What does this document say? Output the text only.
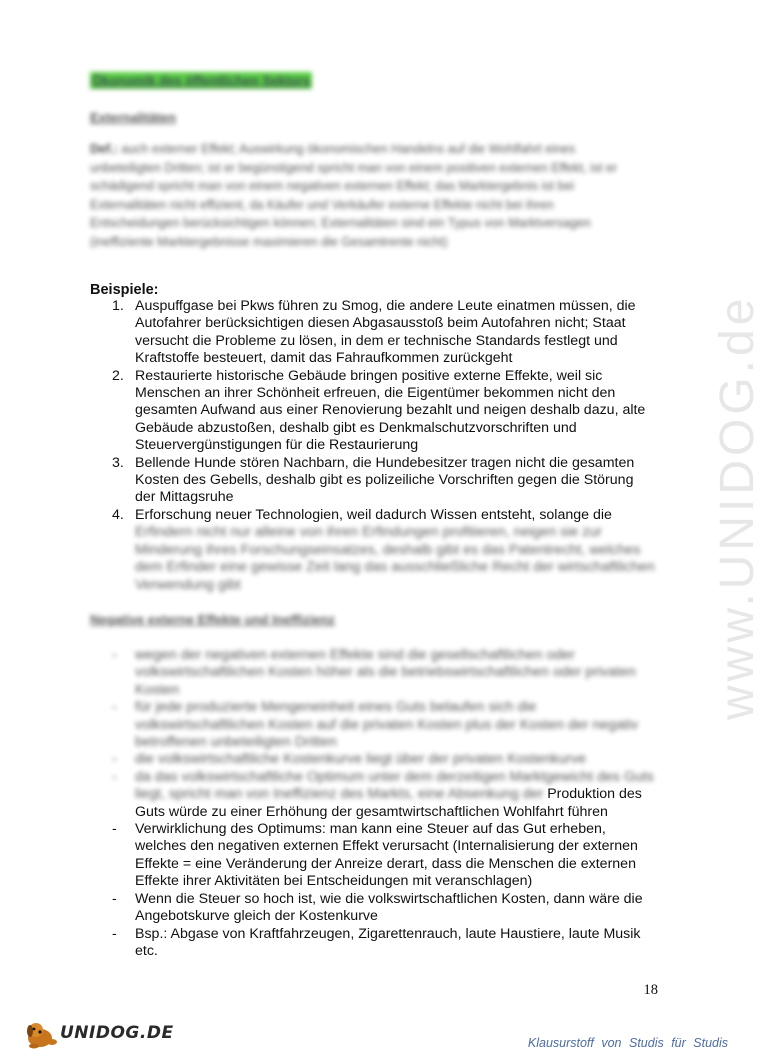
Ökonomik des öffentlichen Sektors
Externalitäten
Def.: auch externer Effekt; Auswirkung ökonomischen Handelns auf die Wohlfahrt eines unbeteiligten Dritten; ist er begünstigend spricht man von einem positiven externen Effekt, ist er schädigend spricht man von einem negativen externen Effekt; das Marktergebnis ist bei Externalitäten nicht effizient, da Käufer und Verkäufer externe Effekte nicht bei ihren Entscheidungen berücksichtigen können; Externalitäten sind ein Typus von Marktversagen (ineffiziente Marktergebnisse maximieren die Gesamtrente nicht)
Beispiele:
1. Auspuffgase bei Pkws führen zu Smog, die andere Leute einatmen müssen, die Autofahrer berücksichtigen diesen Abgasausstoß beim Autofahren nicht; Staat versucht die Probleme zu lösen, in dem er technische Standards festlegt und Kraftstoffe besteuert, damit das Fahraufkommen zurückgeht
2. Restaurierte historische Gebäude bringen positive externe Effekte, weil sic Menschen an ihrer Schönheit erfreuen, die Eigentümer bekommen nicht den gesamten Aufwand aus einer Renovierung bezahlt und neigen deshalb dazu, alte Gebäude abzustoßen, deshalb gibt es Denkmalschutzvorschriften und Steuervergünstigungen für die Restaurierung
3. Bellende Hunde stören Nachbarn, die Hundebesitzer tragen nicht die gesamten Kosten des Gebells, deshalb gibt es polizeiliche Vorschriften gegen die Störung der Mittagsruhe
4. Erforschung neuer Technologien, weil dadurch Wissen entsteht, solange die Erfindern nicht nur alleine von ihren Erfindungen profitieren, neigen sie zur Minderung ihres Forschungseinsatzes, deshalb gibt es das Patentrecht, welches dem Erfinder eine gewisse Zeit lang das ausschließliche Recht der wirtschaftlichen Verwendung gibt
Negative externe Effekte und Ineffizienz
- wegen der negativen externen Effekte sind die gesellschaftlichen oder volkswirtschaftlichen Kosten höher als die betriebswirtschaftlichen oder privaten Kosten
- für jede produzierte Mengeneinheit eines Guts belaufen sich die volkswirtschaftlichen Kosten auf die privaten Kosten plus der Kosten der negativ betroffenen unbeteiligten Dritten
- die volkswirtschaftliche Kostenkurve liegt über der privaten Kostenkurve
- da das volkswirtschaftliche Optimum unter dem derzeitigen Marktgewicht des Guts liegt, spricht man von Ineffizienz des Markts, eine Absenkung der Produktion des Guts würde zu einer Erhöhung der gesamtwirtschaftlichen Wohlfahrt führen
- Verwirklichung des Optimums: man kann eine Steuer auf das Gut erheben, welches den negativen externen Effekt verursacht (Internalisierung der externen Effekte = eine Veränderung der Anreize derart, dass die Menschen die externen Effekte ihrer Aktivitäten bei Entscheidungen mit veranschlagen)
- Wenn die Steuer so hoch ist, wie die volkswirtschaftlichen Kosten, dann wäre die Angebotskurve gleich der Kostenkurve
- Bsp.: Abgase von Kraftfahrzeugen, Zigarettenrauch, laute Haustiere, laute Musik etc.
18
www.UNIDOG.de
UNIDOG.DE	Klausurstoff von Studis für Studis
